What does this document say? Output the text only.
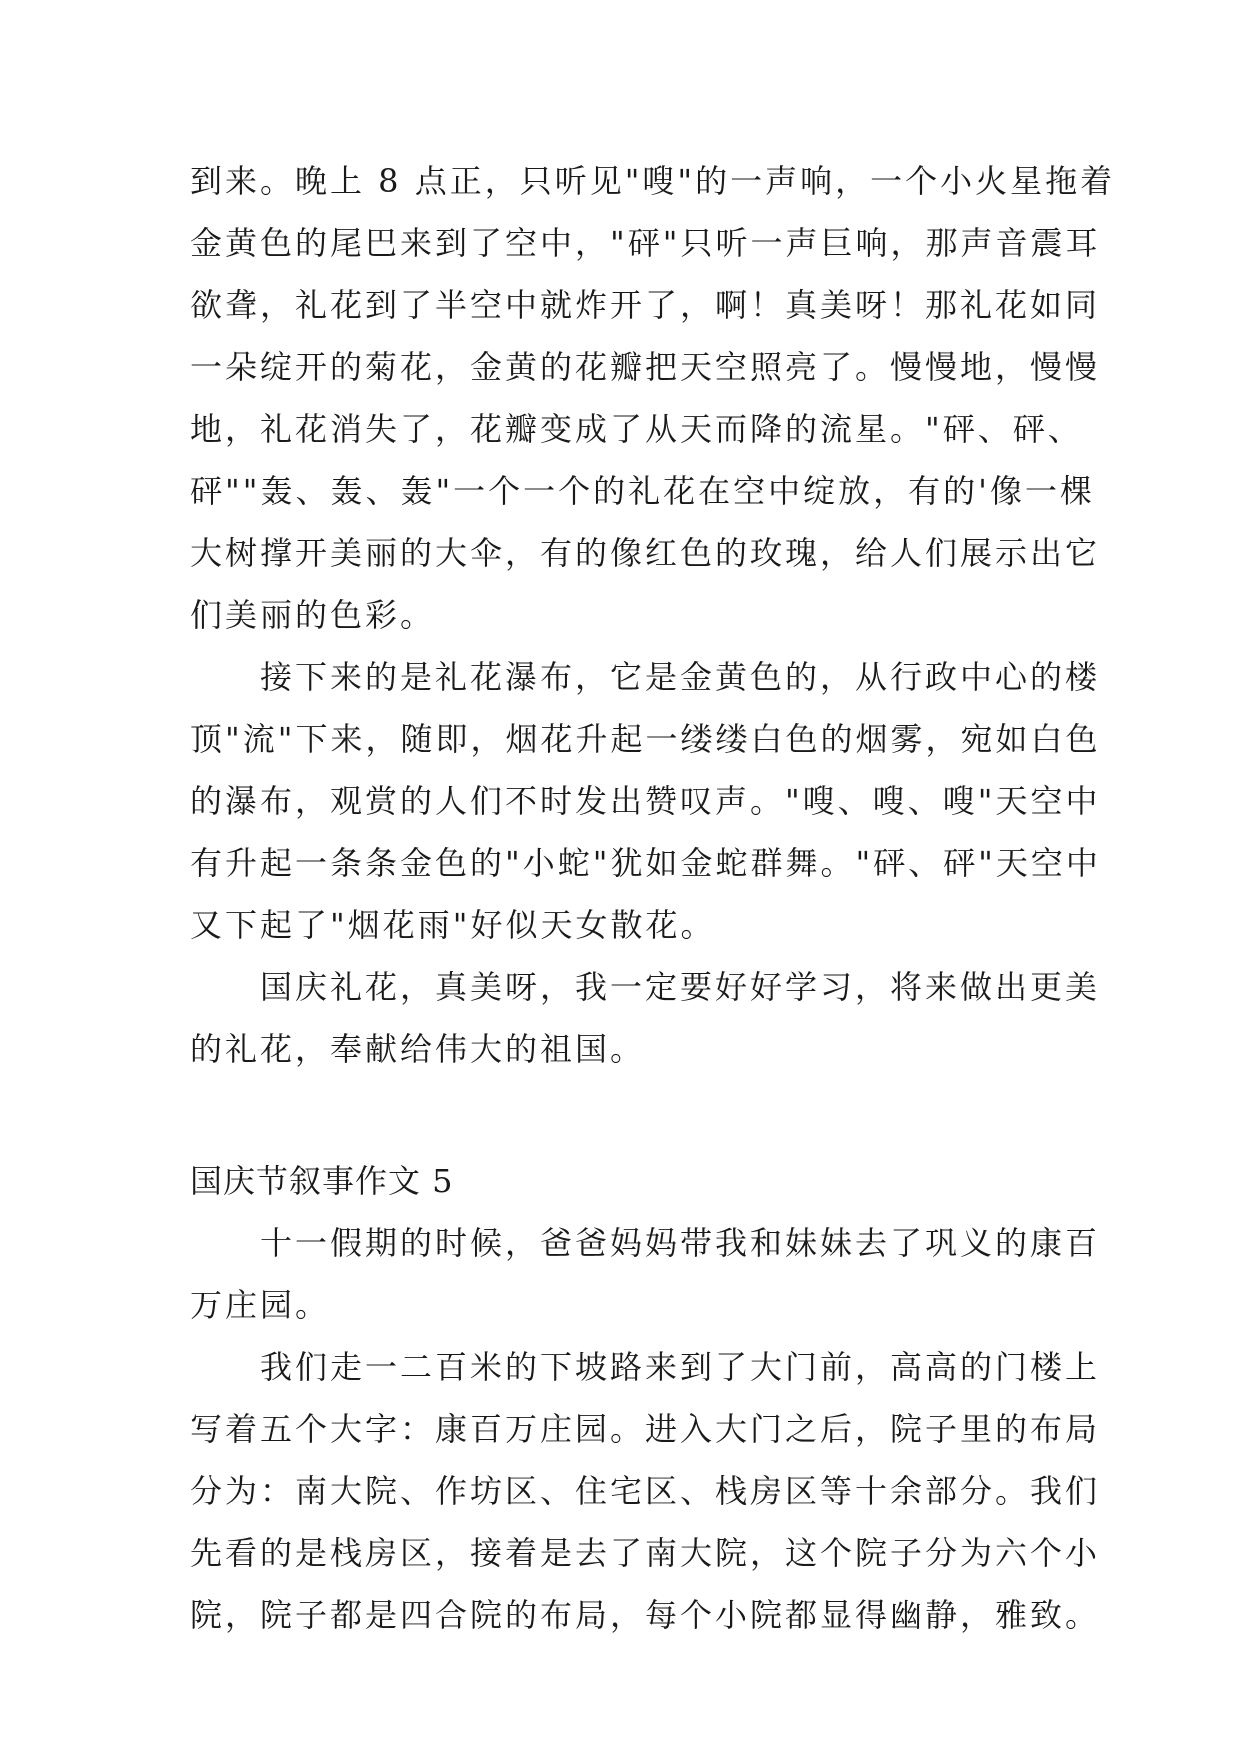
到来。晚上 8 点正，只听见"嗖"的一声响，一个小火星拖着
金黄色的尾巴来到了空中，"砰"只听一声巨响，那声音震耳
欲聋，礼花到了半空中就炸开了，啊！真美呀！那礼花如同
一朵绽开的菊花，金黄的花瓣把天空照亮了。慢慢地，慢慢
地，礼花消失了，花瓣变成了从天而降的流星。"砰、砰、
砰""轰、轰、轰"一个一个的礼花在空中绽放，有的'像一棵
大树撑开美丽的大伞，有的像红色的玫瑰，给人们展示出它
们美丽的色彩。
接下来的是礼花瀑布，它是金黄色的，从行政中心的楼
顶"流"下来，随即，烟花升起一缕缕白色的烟雾，宛如白色
的瀑布，观赏的人们不时发出赞叹声。"嗖、嗖、嗖"天空中
有升起一条条金色的"小蛇"犹如金蛇群舞。"砰、砰"天空中
又下起了"烟花雨"好似天女散花。
国庆礼花，真美呀，我一定要好好学习，将来做出更美
的礼花，奉献给伟大的祖国。
国庆节叙事作文 5
十一假期的时候，爸爸妈妈带我和妹妹去了巩义的康百
万庄园。
我们走一二百米的下坡路来到了大门前，高高的门楼上
写着五个大字：康百万庄园。进入大门之后，院子里的布局
分为：南大院、作坊区、住宅区、栈房区等十余部分。我们
先看的是栈房区，接着是去了南大院，这个院子分为六个小
院，院子都是四合院的布局，每个小院都显得幽静，雅致。
